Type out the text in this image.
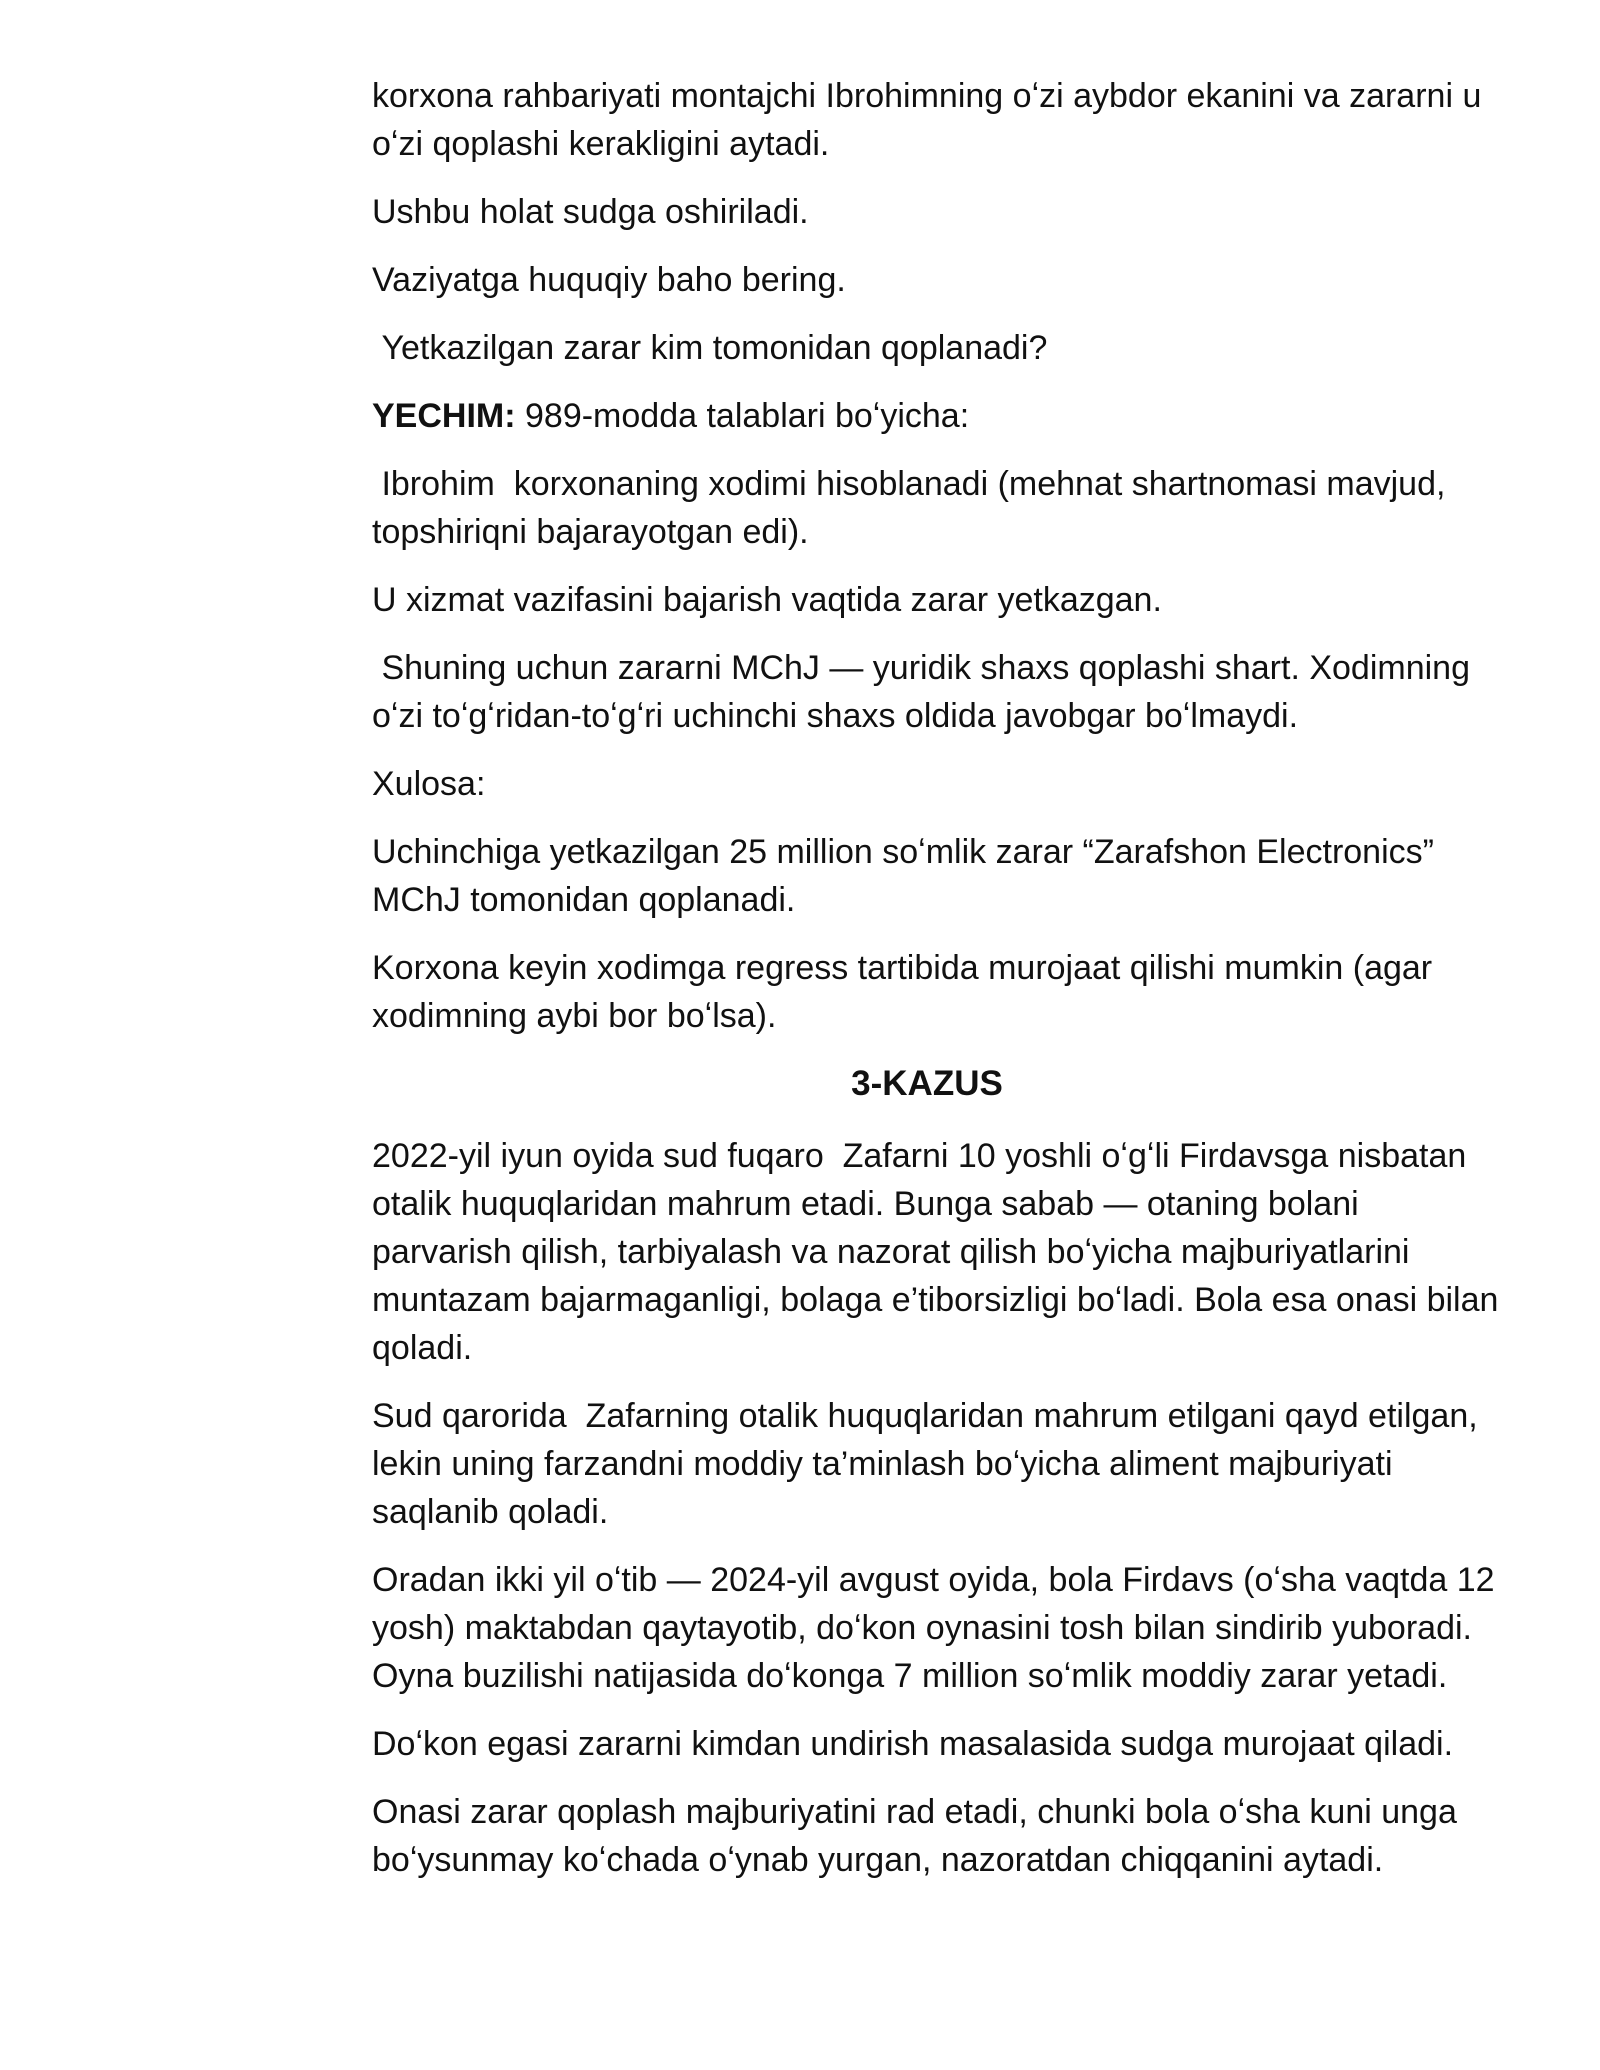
korxona rahbariyati montajchi Ibrohimning oʻzi aybdor ekanini va zararni u oʻzi qoplashi kerakligini aytadi.

Ushbu holat sudga oshiriladi.

Vaziyatga huquqiy baho bering.

Yetkazilgan zarar kim tomonidan qoplanadi?

YECHIM: 989-modda talablari boʻyicha:

Ibrohim  korxonaning xodimi hisoblanadi (mehnat shartnomasi mavjud, topshiriqni bajarayotgan edi).

U xizmat vazifasini bajarish vaqtida zarar yetkazgan.

Shuning uchun zararni MChJ — yuridik shaxs qoplashi shart. Xodimning oʻzi toʻgʻridan-toʻgʻri uchinchi shaxs oldida javobgar boʻlmaydi.

Xulosa:

Uchinchiga yetkazilgan 25 million soʻmlik zarar “Zarafshon Electronics” MChJ tomonidan qoplanadi.

Korxona keyin xodimga regress tartibida murojaat qilishi mumkin (agar xodimning aybi bor boʻlsa).

3-KAZUS

2022-yil iyun oyida sud fuqaro  Zafarni 10 yoshli oʻgʻli Firdavsga nisbatan otalik huquqlaridan mahrum etadi. Bunga sabab — otaning bolani parvarish qilish, tarbiyalash va nazorat qilish boʻyicha majburiyatlarini muntazam bajarmaganligi, bolaga e’tiborsizligi boʻladi. Bola esa onasi bilan qoladi.

Sud qarorida  Zafarning otalik huquqlaridan mahrum etilgani qayd etilgan, lekin uning farzandni moddiy ta’minlash boʻyicha aliment majburiyati saqlanib qoladi.

Oradan ikki yil oʻtib — 2024-yil avgust oyida, bola Firdavs (oʻsha vaqtda 12 yosh) maktabdan qaytayotib, doʻkon oynasini tosh bilan sindirib yuboradi. Oyna buzilishi natijasida doʻkonga 7 million soʻmlik moddiy zarar yetadi.

Doʻkon egasi zararni kimdan undirish masalasida sudga murojaat qiladi.

Onasi zarar qoplash majburiyatini rad etadi, chunki bola oʻsha kuni unga boʻysunmay koʻchada oʻynab yurgan, nazoratdan chiqqanini aytadi.
